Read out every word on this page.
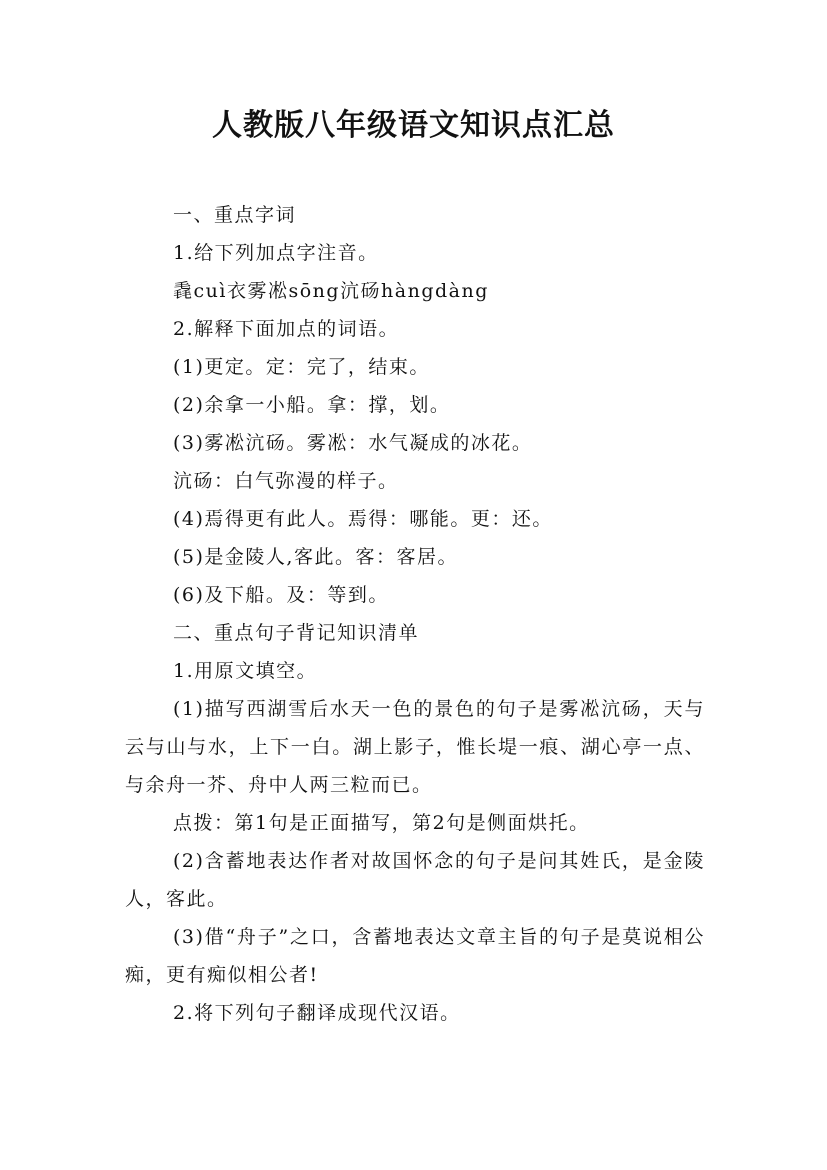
人教版八年级语文知识点汇总
一、重点字词
1.给下列加点字注音。
毳cuì衣雾凇sōng沆砀hàngdàng
2.解释下面加点的词语。
(1)更定。定：完了，结束。
(2)余拿一小船。拿：撑，划。
(3)雾凇沆砀。雾凇：水气凝成的冰花。
沆砀：白气弥漫的样子。
(4)焉得更有此人。焉得：哪能。更：还。
(5)是金陵人,客此。客：客居。
(6)及下船。及：等到。
二、重点句子背记知识清单
1.用原文填空。
(1)描写西湖雪后水天一色的景色的句子是雾凇沆砀，天与云与山与水，上下一白。湖上影子，惟长堤一痕、湖心亭一点、与余舟一芥、舟中人两三粒而已。
点拨：第1句是正面描写，第2句是侧面烘托。
(2)含蓄地表达作者对故国怀念的句子是问其姓氏，是金陵人，客此。
(3)借“舟子”之口，含蓄地表达文章主旨的句子是莫说相公痴，更有痴似相公者!
2.将下列句子翻译成现代汉语。
